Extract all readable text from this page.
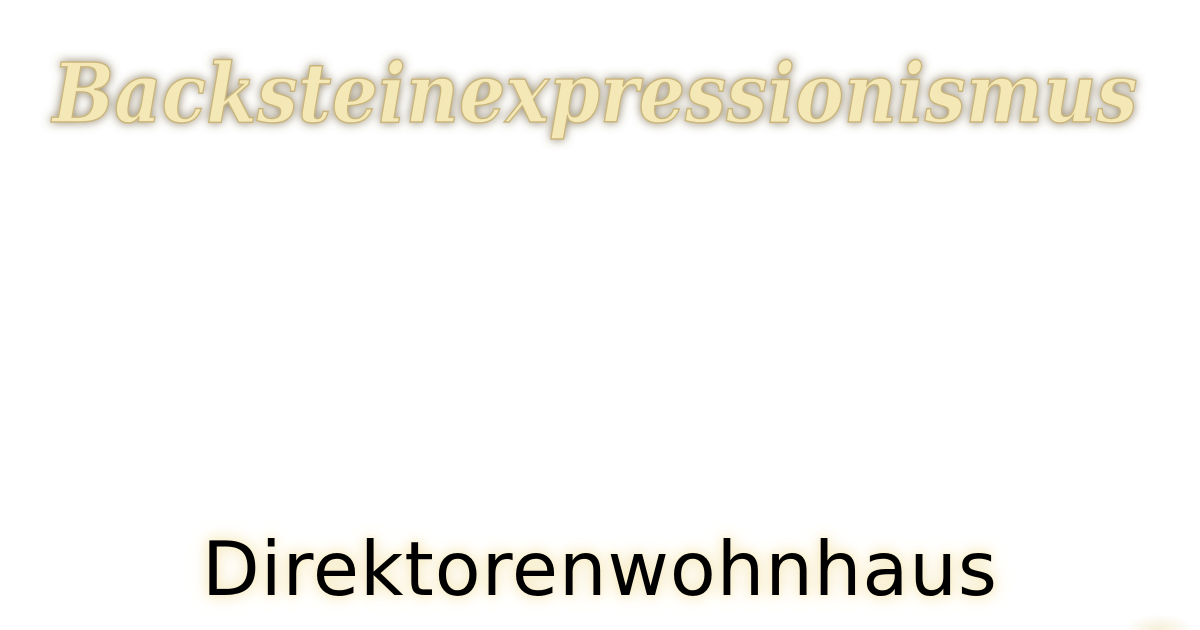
Backsteinexpressionismus
Direktorenwohnhaus
